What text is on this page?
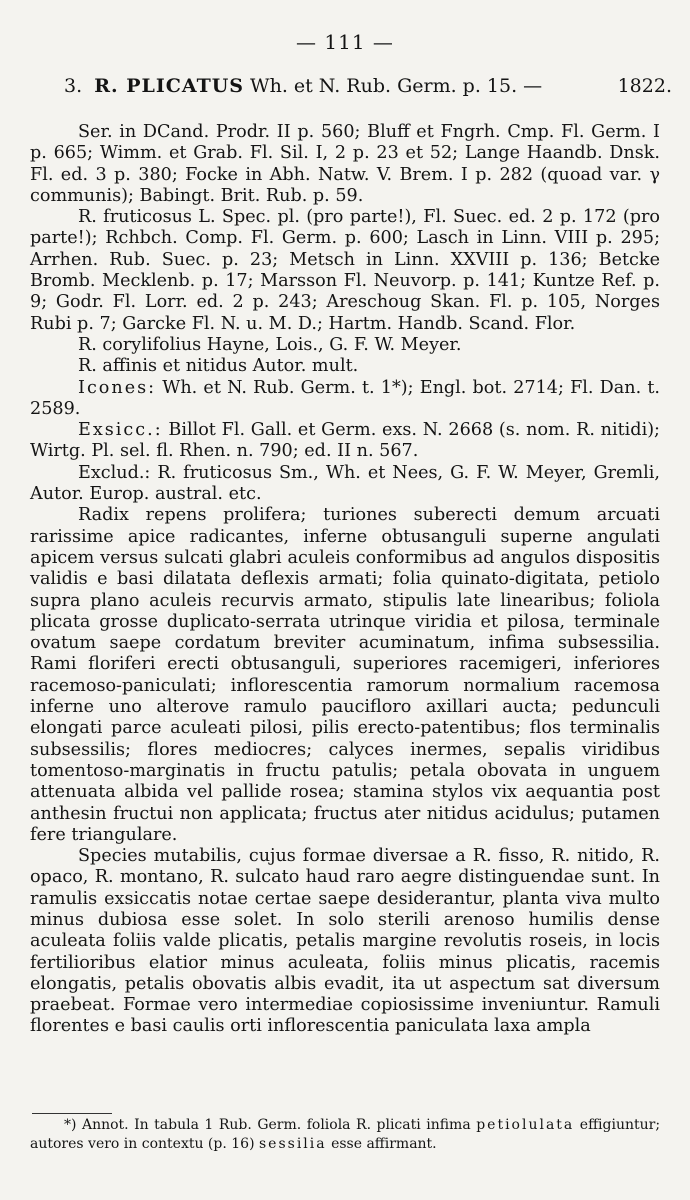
— 111 —
3. R. PLICATUS Wh. et N. Rub. Germ. p. 15. —	1822.

Ser. in DCand. Prodr. II p. 560; Bluff et Fngrh. Cmp. Fl. Germ. I p. 665; Wimm. et Grab. Fl. Sil. I, 2 p. 23 et 52; Lange Haandb. Dnsk. Fl. ed. 3 p. 380; Focke in Abh. Natw. V. Brem. I p. 282 (quoad var. γ communis); Babingt. Brit. Rub. p. 59.

R. fruticosus L. Spec. pl. (pro parte!), Fl. Suec. ed. 2 p. 172 (pro parte!); Rchbch. Comp. Fl. Germ. p. 600; Lasch in Linn. VIII p. 295; Arrhen. Rub. Suec. p. 23; Metsch in Linn. XXVIII p. 136; Betcke Bromb. Mecklenb. p. 17; Marsson Fl. Neuvorp. p. 141; Kuntze Ref. p. 9; Godr. Fl. Lorr. ed. 2 p. 243; Areschoug Skan. Fl. p. 105, Norges Rubi p. 7; Garcke Fl. N. u. M. D.; Hartm. Handb. Scand. Flor.

R. corylifolius Hayne, Lois., G. F. W. Meyer.

R. affinis et nitidus Autor. mult.

Icones: Wh. et N. Rub. Germ. t. 1*); Engl. bot. 2714; Fl. Dan. t. 2589.

Exsicc.: Billot Fl. Gall. et Germ. exs. N. 2668 (s. nom. R. nitidi); Wirtg. Pl. sel. fl. Rhen. n. 790; ed. II n. 567.

Exclud.: R. fruticosus Sm., Wh. et Nees, G. F. W. Meyer, Gremli, Autor. Europ. austral. etc.

Radix repens prolifera; turiones suberecti demum arcuati rarissime apice radicantes, inferne obtusanguli superne angulati apicem versus sulcati glabri aculeis conformibus ad angulos dispositis validis e basi dilatata deflexis armati; folia quinato-digitata, petiolo supra plano aculeis recurvis armato, stipulis late linearibus; foliola plicata grosse duplicato-serrata utrinque viridia et pilosa, terminale ovatum saepe cordatum breviter acuminatum, infima subsessilia. Rami floriferi erecti obtusanguli, superiores racemigeri, inferiores racemoso-paniculati; inflorescentia ramorum normalium racemosa inferne uno alterove ramulo paucifloro axillari aucta; pedunculi elongati parce aculeati pilosi, pilis erecto-patentibus; flos terminalis subsessilis; flores mediocres; calyces inermes, sepalis viridibus tomentoso-marginatis in fructu patulis; petala obovata in unguem attenuata albida vel pallide rosea; stamina stylos vix aequantia post anthesin fructui non applicata; fructus ater nitidus acidulus; putamen fere triangulare.

Species mutabilis, cujus formae diversae a R. fisso, R. nitido, R. opaco, R. montano, R. sulcato haud raro aegre distinguendae sunt. In ramulis exsiccatis notae certae saepe desiderantur, planta viva multo minus dubiosa esse solet. In solo sterili arenoso humilis dense aculeata foliis valde plicatis, petalis margine revolutis roseis, in locis fertilioribus elatior minus aculeata, foliis minus plicatis, racemis elongatis, petalis obovatis albis evadit, ita ut aspectum sat diversum praebeat. Formae vero intermediae copiosissime inveniuntur. Ramuli florentes e basi caulis orti inflorescentia paniculata laxa ampla

*) Annot. In tabula 1 Rub. Germ. foliola R. plicati infima petiolulata effigiuntur; autores vero in contextu (p. 16) sessilia esse affirmant.
